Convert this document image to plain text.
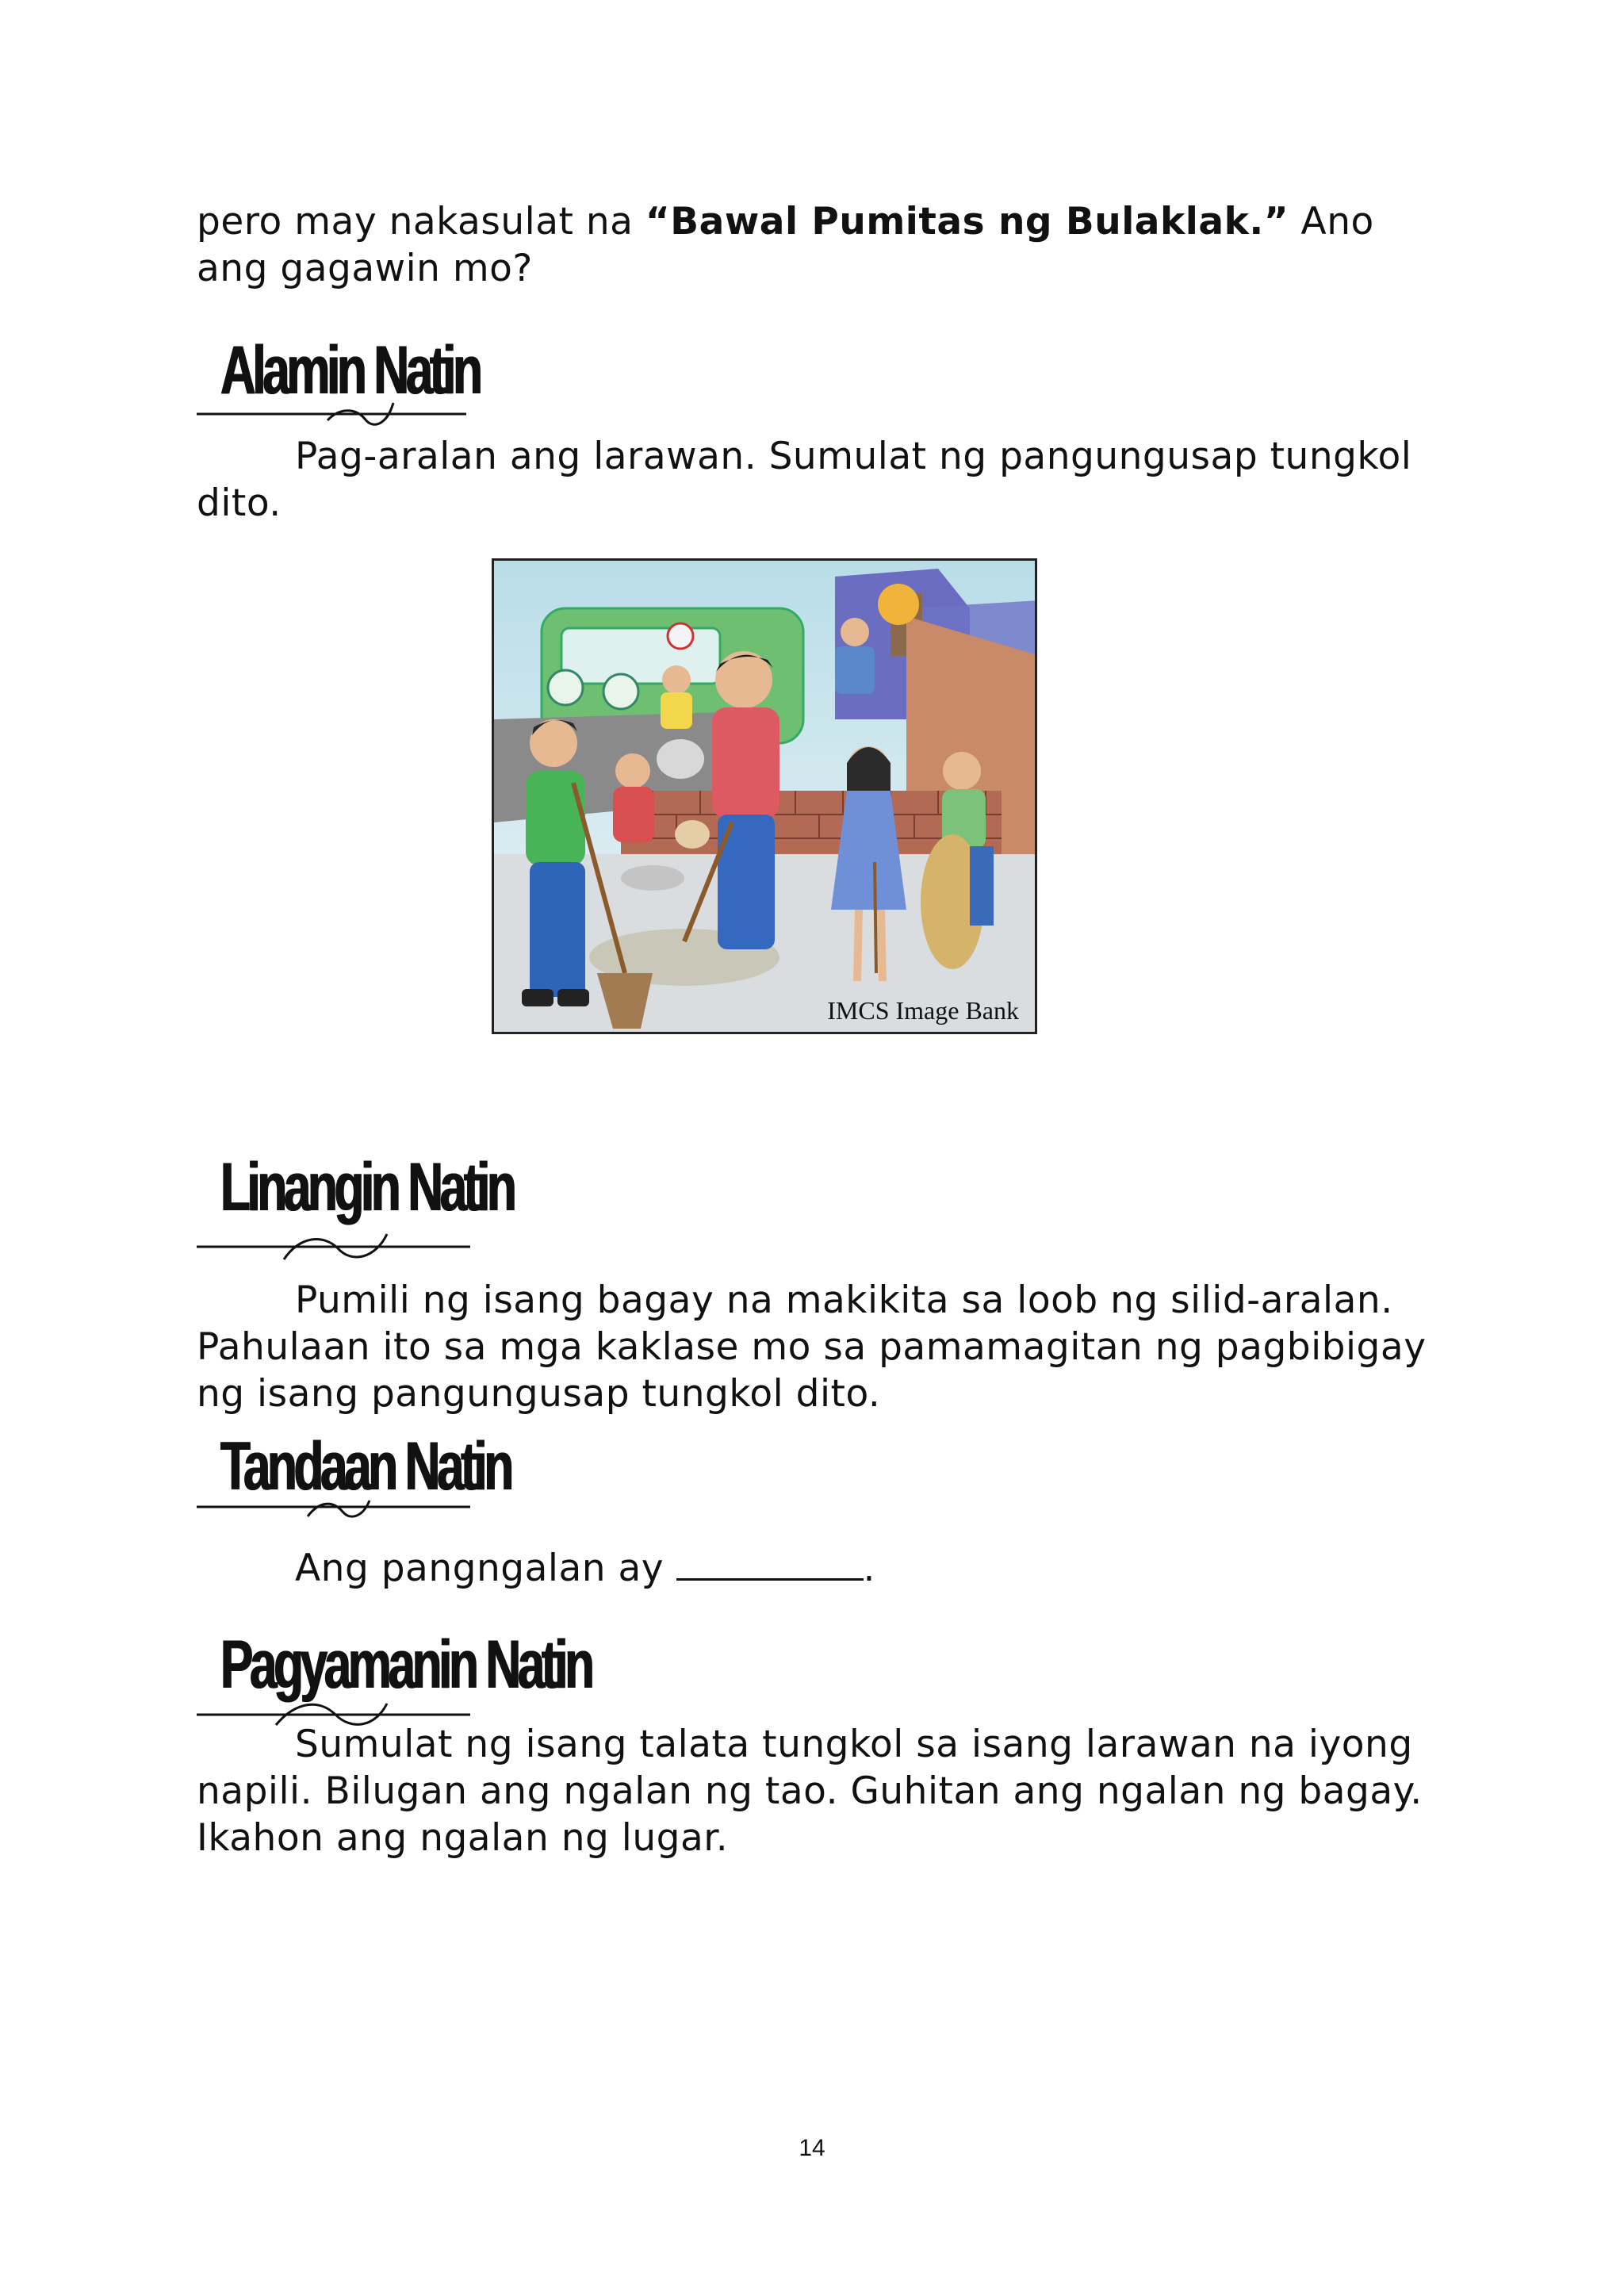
pero may nakasulat na “Bawal Pumitas ng Bulaklak.” Ano ang gagawin mo?
Alamin Natin
Pag-aralan ang larawan. Sumulat ng pangungusap tungkol dito.
IMCS Image Bank
Linangin Natin
Pumili ng isang bagay na makikita sa loob ng silid-aralan. Pahulaan ito sa mga kaklase mo sa pamamagitan ng pagbibigay ng isang pangungusap tungkol dito.
Tandaan Natin
Ang pangngalan ay	.
Pagyamanin Natin
Sumulat ng isang talata tungkol sa isang larawan na iyong napili. Bilugan ang ngalan ng tao. Guhitan ang ngalan ng bagay. Ikahon ang ngalan ng lugar.
14
